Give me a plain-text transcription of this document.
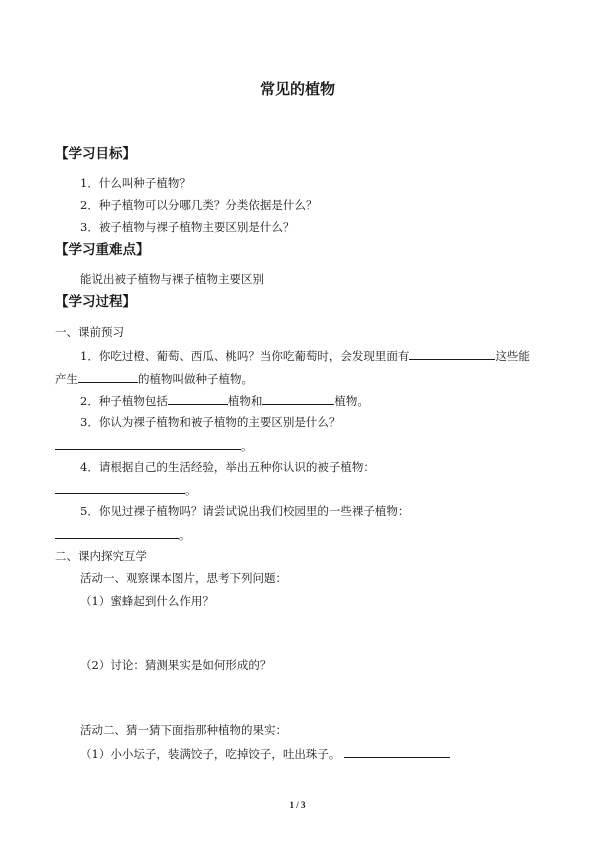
常见的植物
【学习目标】
1．什么叫种子植物？
2．种子植物可以分哪几类？分类依据是什么？
3．被子植物与裸子植物主要区别是什么？
【学习重难点】
能说出被子植物与裸子植物主要区别
【学习过程】
一、课前预习
1．你吃过橙、葡萄、西瓜、桃吗？当你吃葡萄时，会发现里面有	这些能
产生	的植物叫做种子植物。
2．种子植物包括	植物和	植物。
3．你认为裸子植物和被子植物的主要区别是什么？
。
4．请根据自己的生活经验，举出五种你认识的被子植物：
。
5．你见过裸子植物吗？请尝试说出我们校园里的一些裸子植物：
。
二、课内探究互学
活动一、观察课本图片，思考下列问题：
（1）蜜蜂起到什么作用？
（2）讨论：猜测果实是如何形成的？
活动二、猜一猜下面指那种植物的果实：
（1）小小坛子，装满饺子，吃掉饺子，吐出珠子。
1 / 3
